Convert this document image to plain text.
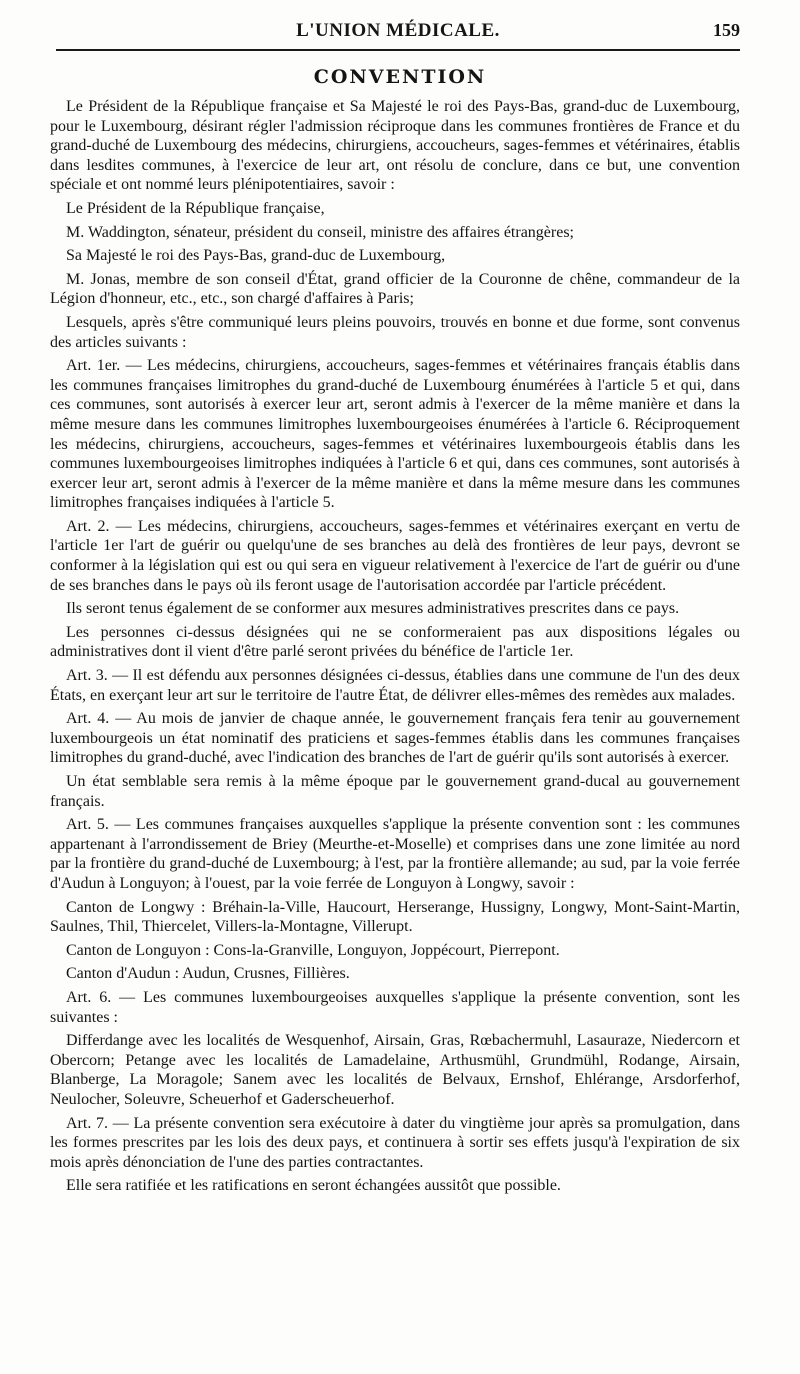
L'UNION MÉDICALE.	159
CONVENTION

Le Président de la République française et Sa Majesté le roi des Pays-Bas, grand-duc de Luxembourg, pour le Luxembourg, désirant régler l'admission réciproque dans les communes frontières de France et du grand-duché de Luxembourg des médecins, chirurgiens, accoucheurs, sages-femmes et vétérinaires, établis dans lesdites communes, à l'exercice de leur art, ont résolu de conclure, dans ce but, une convention spéciale et ont nommé leurs plénipotentiaires, savoir :

Le Président de la République française,

M. Waddington, sénateur, président du conseil, ministre des affaires étrangères;

Sa Majesté le roi des Pays-Bas, grand-duc de Luxembourg,

M. Jonas, membre de son conseil d'État, grand officier de la Couronne de chêne, commandeur de la Légion d'honneur, etc., etc., son chargé d'affaires à Paris;

Lesquels, après s'être communiqué leurs pleins pouvoirs, trouvés en bonne et due forme, sont convenus des articles suivants :

Art. 1er. — Les médecins, chirurgiens, accoucheurs, sages-femmes et vétérinaires français établis dans les communes françaises limitrophes du grand-duché de Luxembourg énumérées à l'article 5 et qui, dans ces communes, sont autorisés à exercer leur art, seront admis à l'exercer de la même manière et dans la même mesure dans les communes limitrophes luxembourgeoises énumérées à l'article 6. Réciproquement les médecins, chirurgiens, accoucheurs, sages-femmes et vétérinaires luxembourgeois établis dans les communes luxembourgeoises limitrophes indiquées à l'article 6 et qui, dans ces communes, sont autorisés à exercer leur art, seront admis à l'exercer de la même manière et dans la même mesure dans les communes limitrophes françaises indiquées à l'article 5.

Art. 2. — Les médecins, chirurgiens, accoucheurs, sages-femmes et vétérinaires exerçant en vertu de l'article 1er l'art de guérir ou quelqu'une de ses branches au delà des frontières de leur pays, devront se conformer à la législation qui est ou qui sera en vigueur relativement à l'exercice de l'art de guérir ou d'une de ses branches dans le pays où ils feront usage de l'autorisation accordée par l'article précédent.

Ils seront tenus également de se conformer aux mesures administratives prescrites dans ce pays.

Les personnes ci-dessus désignées qui ne se conformeraient pas aux dispositions légales ou administratives dont il vient d'être parlé seront privées du bénéfice de l'article 1er.

Art. 3. — Il est défendu aux personnes désignées ci-dessus, établies dans une commune de l'un des deux États, en exerçant leur art sur le territoire de l'autre État, de délivrer elles-mêmes des remèdes aux malades.

Art. 4. — Au mois de janvier de chaque année, le gouvernement français fera tenir au gouvernement luxembourgeois un état nominatif des praticiens et sages-femmes établis dans les communes françaises limitrophes du grand-duché, avec l'indication des branches de l'art de guérir qu'ils sont autorisés à exercer.

Un état semblable sera remis à la même époque par le gouvernement grand-ducal au gouvernement français.

Art. 5. — Les communes françaises auxquelles s'applique la présente convention sont : les communes appartenant à l'arrondissement de Briey (Meurthe-et-Moselle) et comprises dans une zone limitée au nord par la frontière du grand-duché de Luxembourg; à l'est, par la frontière allemande; au sud, par la voie ferrée d'Audun à Longuyon; à l'ouest, par la voie ferrée de Longuyon à Longwy, savoir :

Canton de Longwy : Bréhain-la-Ville, Haucourt, Herserange, Hussigny, Longwy, Mont-Saint-Martin, Saulnes, Thil, Thiercelet, Villers-la-Montagne, Villerupt.

Canton de Longuyon : Cons-la-Granville, Longuyon, Joppécourt, Pierrepont.

Canton d'Audun : Audun, Crusnes, Fillières.

Art. 6. — Les communes luxembourgeoises auxquelles s'applique la présente convention, sont les suivantes :

Differdange avec les localités de Wesquenhof, Airsain, Gras, Rœbachermuhl, Lasauraze, Niedercorn et Obercorn; Petange avec les localités de Lamadelaine, Arthusmühl, Grundmühl, Rodange, Airsain, Blanberge, La Moragole; Sanem avec les localités de Belvaux, Ernshof, Ehlérange, Arsdorferhof, Neulocher, Soleuvre, Scheuerhof et Gaderscheuerhof.

Art. 7. — La présente convention sera exécutoire à dater du vingtième jour après sa promulgation, dans les formes prescrites par les lois des deux pays, et continuera à sortir ses effets jusqu'à l'expiration de six mois après dénonciation de l'une des parties contractantes.

Elle sera ratifiée et les ratifications en seront échangées aussitôt que possible.
